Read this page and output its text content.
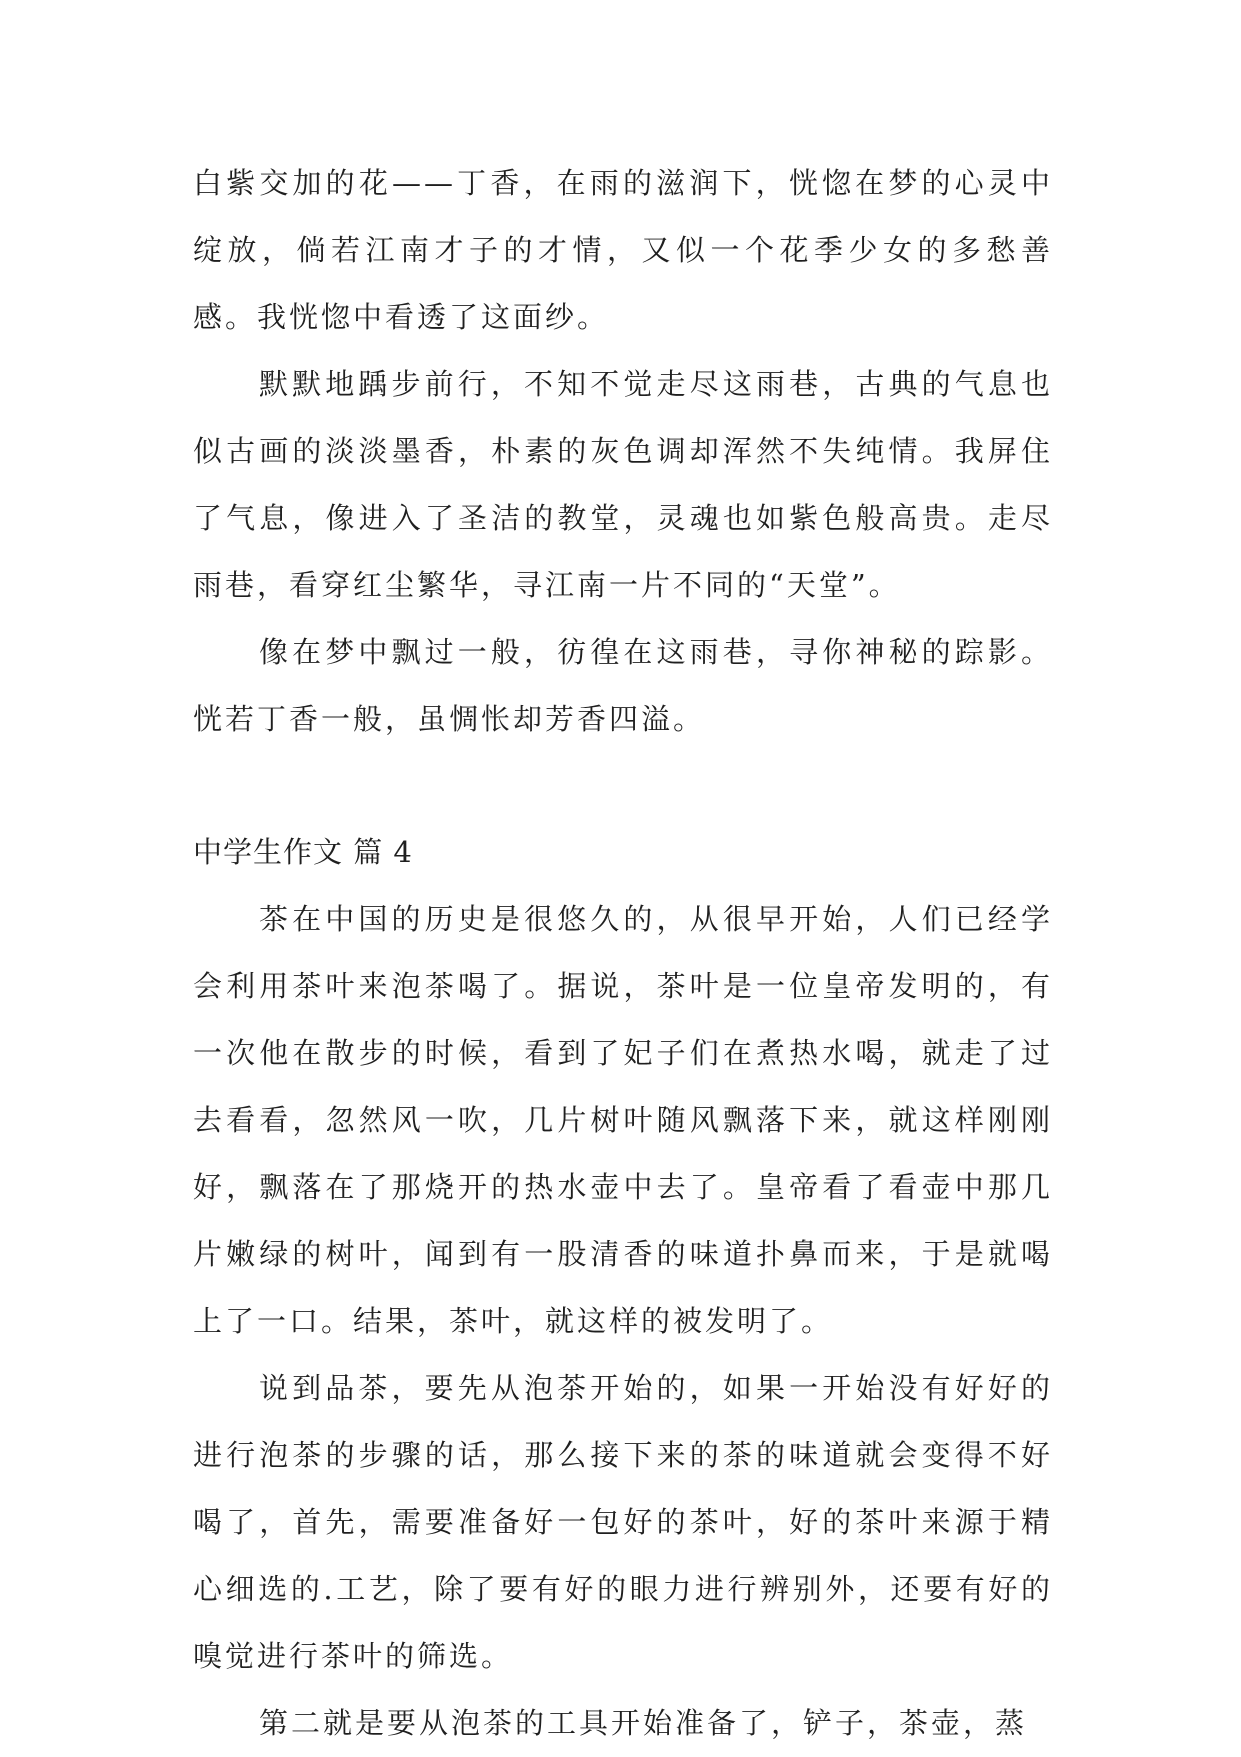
白紫交加的花——丁香，在雨的滋润下，恍惚在梦的心灵中绽放，倘若江南才子的才情，又似一个花季少女的多愁善感。我恍惚中看透了这面纱。

默默地踽步前行，不知不觉走尽这雨巷，古典的气息也似古画的淡淡墨香，朴素的灰色调却浑然不失纯情。我屏住了气息，像进入了圣洁的教堂，灵魂也如紫色般高贵。走尽雨巷，看穿红尘繁华，寻江南一片不同的“天堂”。

像在梦中飘过一般，彷徨在这雨巷，寻你神秘的踪影。恍若丁香一般，虽惆怅却芳香四溢。

中学生作文 篇 4

茶在中国的历史是很悠久的，从很早开始，人们已经学会利用茶叶来泡茶喝了。据说，茶叶是一位皇帝发明的，有一次他在散步的时候，看到了妃子们在煮热水喝，就走了过去看看，忽然风一吹，几片树叶随风飘落下来，就这样刚刚好，飘落在了那烧开的热水壶中去了。皇帝看了看壶中那几片嫩绿的树叶，闻到有一股清香的味道扑鼻而来，于是就喝上了一口。结果，茶叶，就这样的被发明了。

说到品茶，要先从泡茶开始的，如果一开始没有好好的进行泡茶的步骤的话，那么接下来的茶的味道就会变得不好喝了，首先，需要准备好一包好的茶叶，好的茶叶来源于精心细选的.工艺，除了要有好的眼力进行辨别外，还要有好的嗅觉进行茶叶的筛选。

第二就是要从泡茶的工具开始准备了，铲子，茶壶，蒸
